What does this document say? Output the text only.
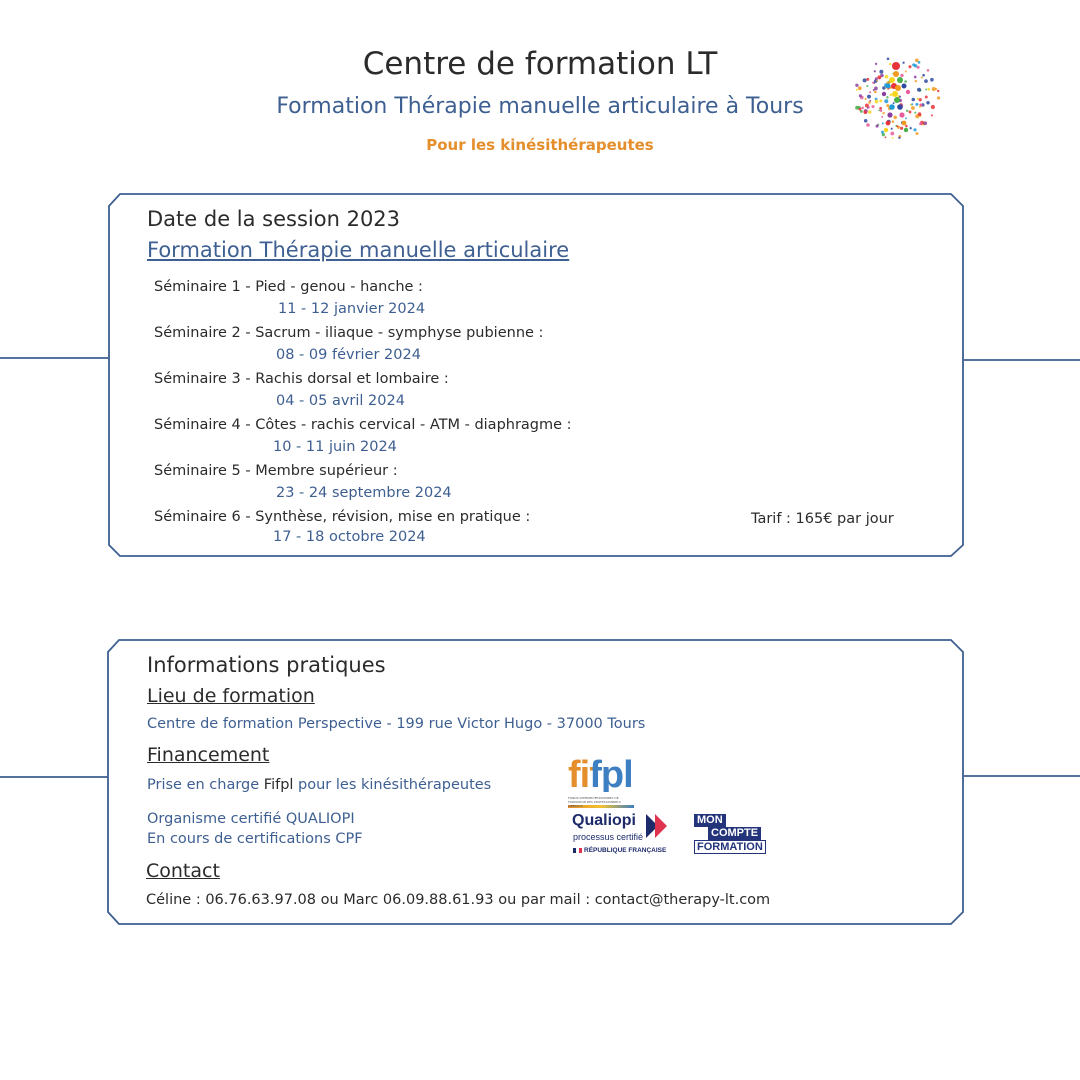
Centre de formation LT
Formation Thérapie manuelle articulaire à Tours
Pour les kinésithérapeutes
Date de la session 2023
Formation Thérapie manuelle articulaire
Séminaire 1 - Pied - genou - hanche :
11 - 12 janvier 2024
Séminaire 2 - Sacrum - iliaque - symphyse pubienne :
08 - 09 février 2024
Séminaire 3 - Rachis dorsal et lombaire :
04 - 05 avril 2024
Séminaire 4 - Côtes - rachis cervical - ATM - diaphragme :
10 - 11 juin 2024
Séminaire 5 - Membre supérieur :
23 - 24 septembre 2024
Séminaire 6 - Synthèse, révision, mise en pratique :
17 - 18 octobre 2024
Tarif : 165€ par jour
Informations pratiques
Lieu de formation
Centre de formation Perspective - 199 rue Victor Hugo - 37000 Tours
Financement
Prise en charge Fifpl pour les kinésithérapeutes
Organisme certifié QUALIOPI
En cours de certifications CPF
Contact
Céline : 06.76.63.97.08 ou Marc 06.09.88.61.93 ou par mail : contact@therapy-lt.com
fifpl
FONDS INTERPROFESSIONNEL DE FORMATION DES PROFESSIONNELS LIBÉRAUX
Qualiopi
processus certifié
RÉPUBLIQUE FRANÇAISE
MON
COMPTE
FORMATION
